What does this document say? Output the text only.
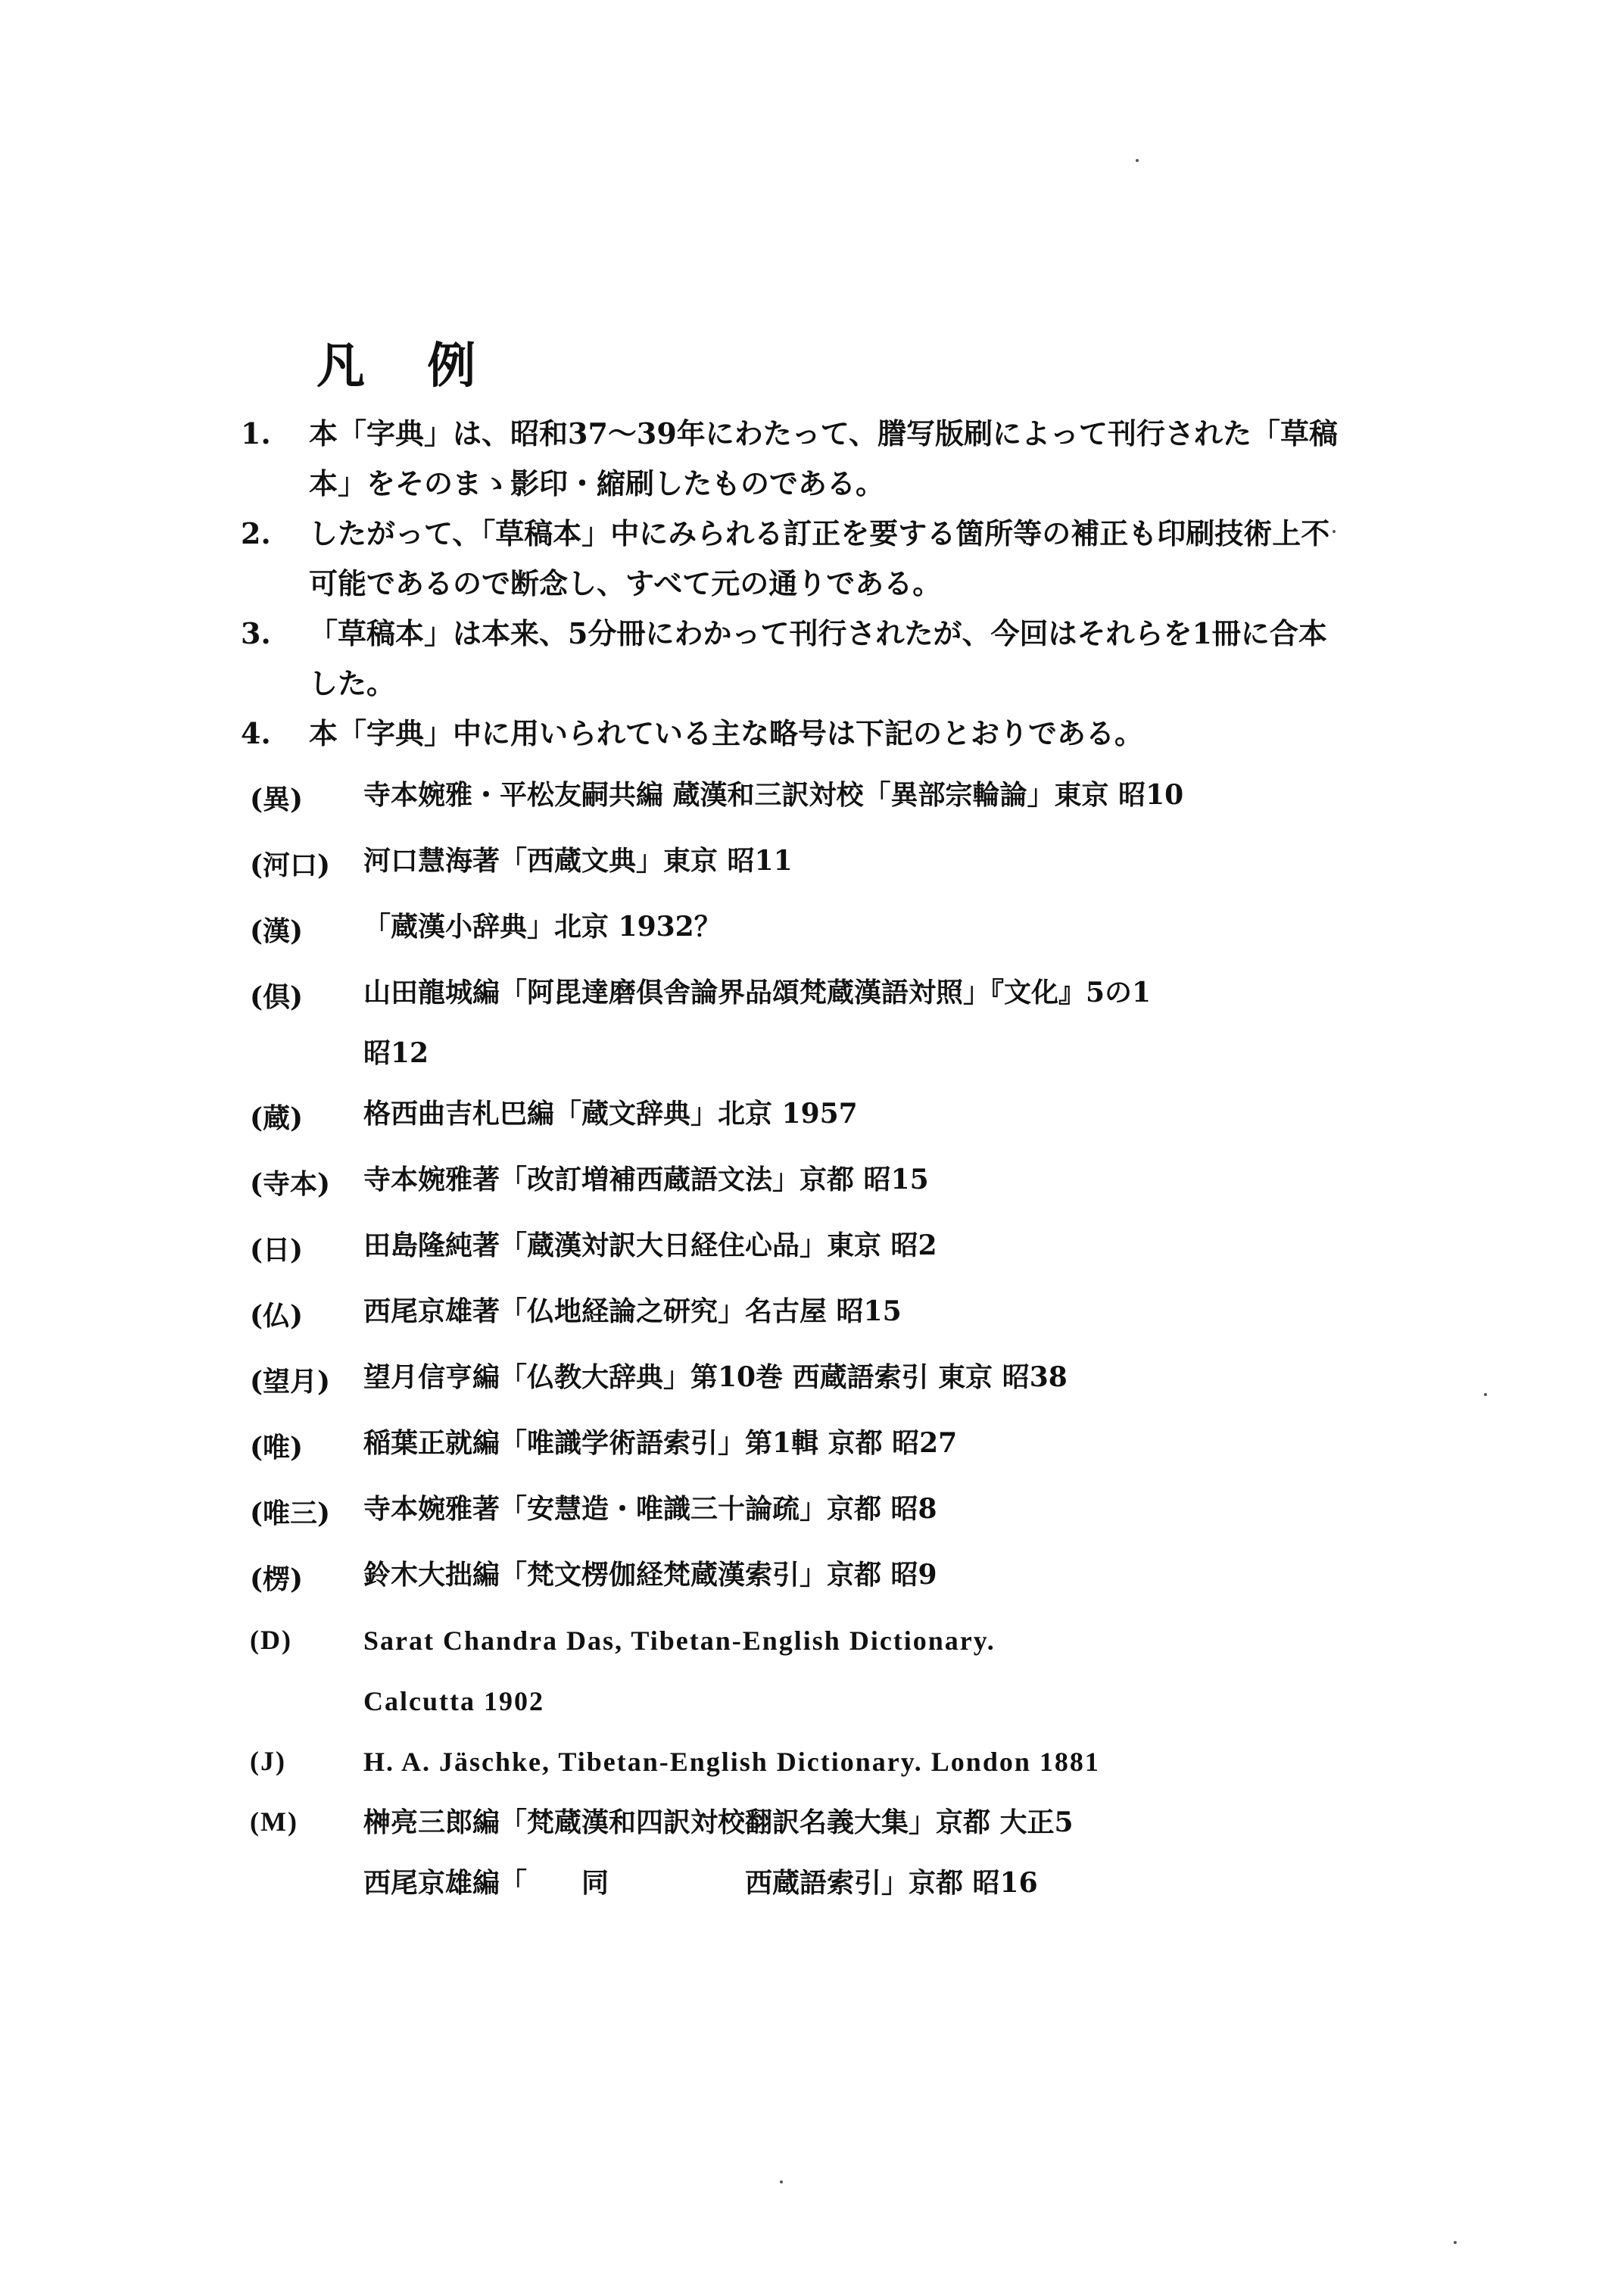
凡 例
1.	本「字典」は、昭和37～39年にわたって、謄写版刷によって刊行された「草稿本」をそのまゝ影印・縮刷したものである。
2.	したがって、「草稿本」中にみられる訂正を要する箇所等の補正も印刷技術上不可能であるので断念し、すべて元の通りである。
3.	「草稿本」は本来、5分冊にわかって刊行されたが、今回はそれらを1冊に合本した。
4.	本「字典」中に用いられている主な略号は下記のとおりである。
(異)	寺本婉雅・平松友嗣共編 蔵漢和三訳対校「異部宗輪論」東京 昭10

(河口)	河口慧海著「西蔵文典」東京 昭11

(漢)	「蔵漢小辞典」北京 1932？

(倶)	山田龍城編「阿毘達磨倶舎論界品頌梵蔵漢語対照」『文化』5の1
昭12

(蔵)	格西曲吉札巴編「蔵文辞典」北京 1957

(寺本)	寺本婉雅著「改訂増補西蔵語文法」京都 昭15

(日)	田島隆純著「蔵漢対訳大日経住心品」東京 昭2

(仏)	西尾京雄著「仏地経論之研究」名古屋 昭15

(望月)	望月信亨編「仏教大辞典」第10巻 西蔵語索引 東京 昭38

(唯)	稲葉正就編「唯識学術語索引」第1輯 京都 昭27

(唯三)	寺本婉雅著「安慧造・唯識三十論疏」京都 昭8

(楞)	鈴木大拙編「梵文楞伽経梵蔵漢索引」京都 昭9

(D)	Sarat Chandra Das, Tibetan-English Dictionary.
Calcutta 1902

(J)	H. A. Jäschke, Tibetan-English Dictionary. London 1881

(M)	榊亮三郎編「梵蔵漢和四訳対校翻訳名義大集」京都 大正5
西尾京雄編「　　同　　　　　西蔵語索引」京都 昭16
